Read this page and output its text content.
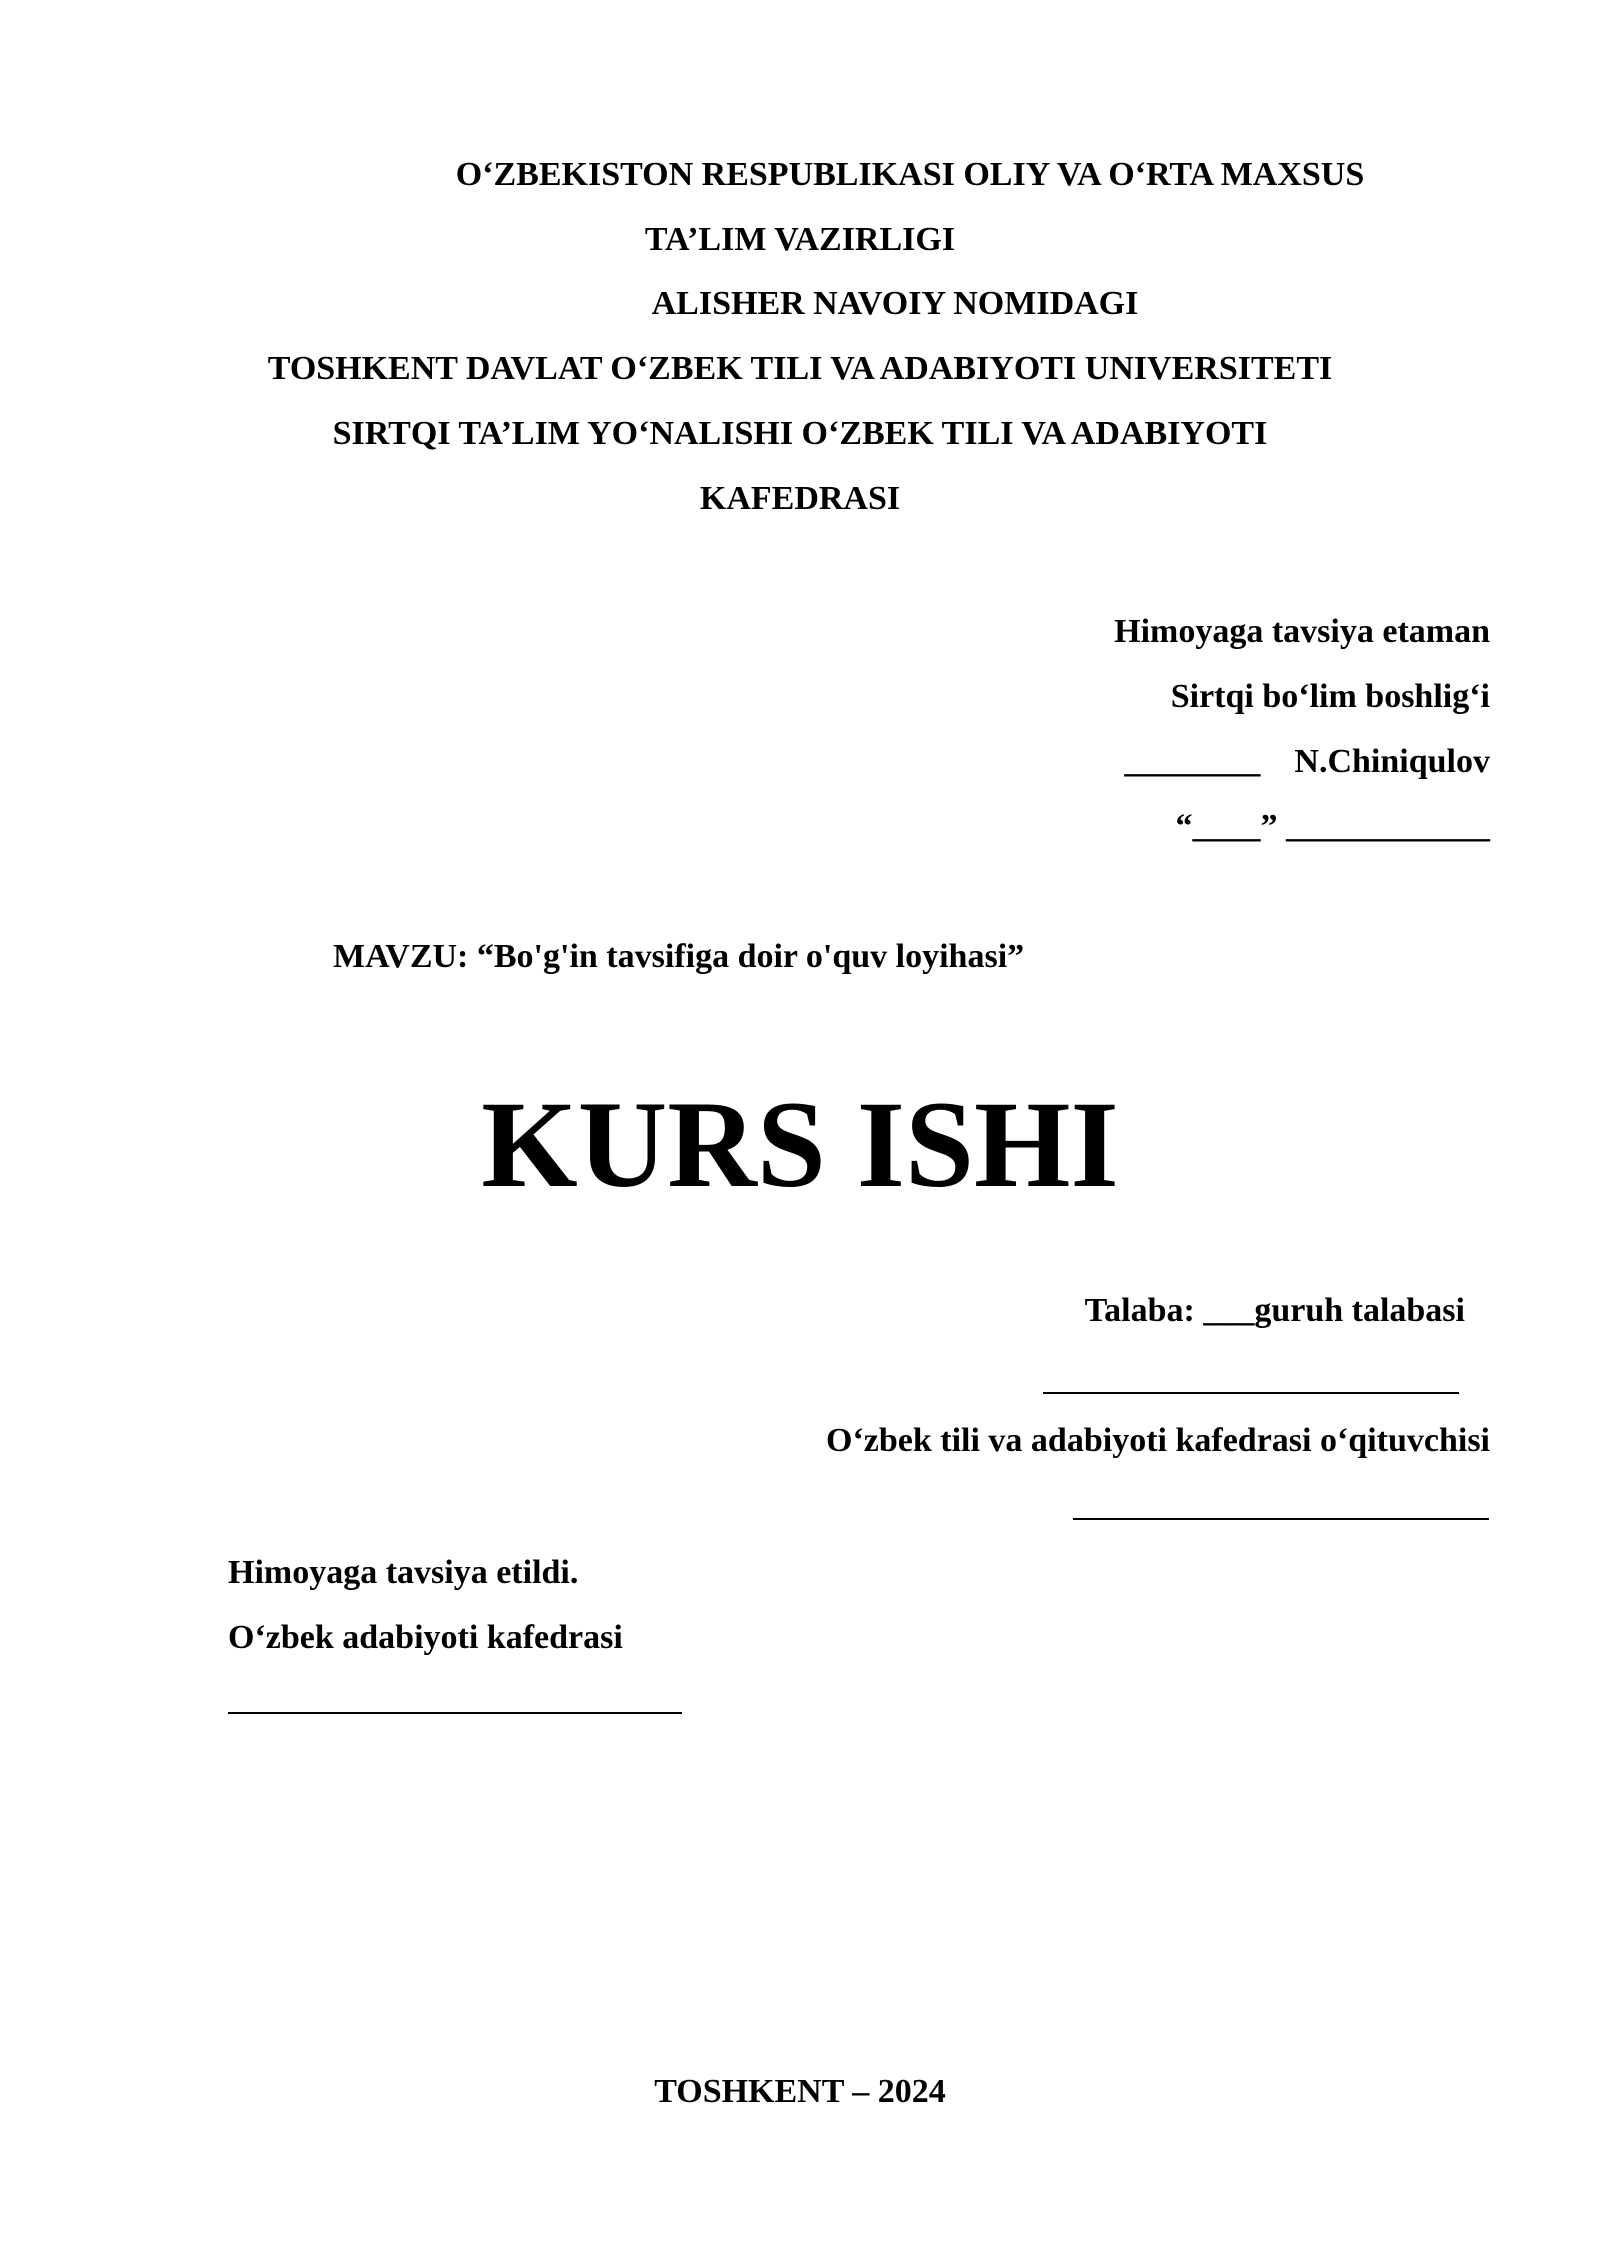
O‘ZBEKISTON RESPUBLIKASI OLIY VA O‘RTA MAXSUS
TA’LIM VAZIRLIGI
ALISHER NAVOIY NOMIDAGI
TOSHKENT DAVLAT O‘ZBEK TILI VA ADABIYOTI UNIVERSITETI
SIRTQI TA’LIM YO‘NALISHI O‘ZBEK TILI VA ADABIYOTI
KAFEDRASI
Himoyaga tavsiya etaman
Sirtqi bo‘lim boshlig‘i
________ N.Chiniqulov
“____” ____________
MAVZU: “Bo'g'in tavsifiga doir o'quv loyihasi”
KURS ISHI
Talaba: ___guruh talabasi
O‘zbek tili va adabiyoti kafedrasi o‘qituvchisi
Himoyaga tavsiya etildi.
O‘zbek adabiyoti kafedrasi
TOSHKENT – 2024
